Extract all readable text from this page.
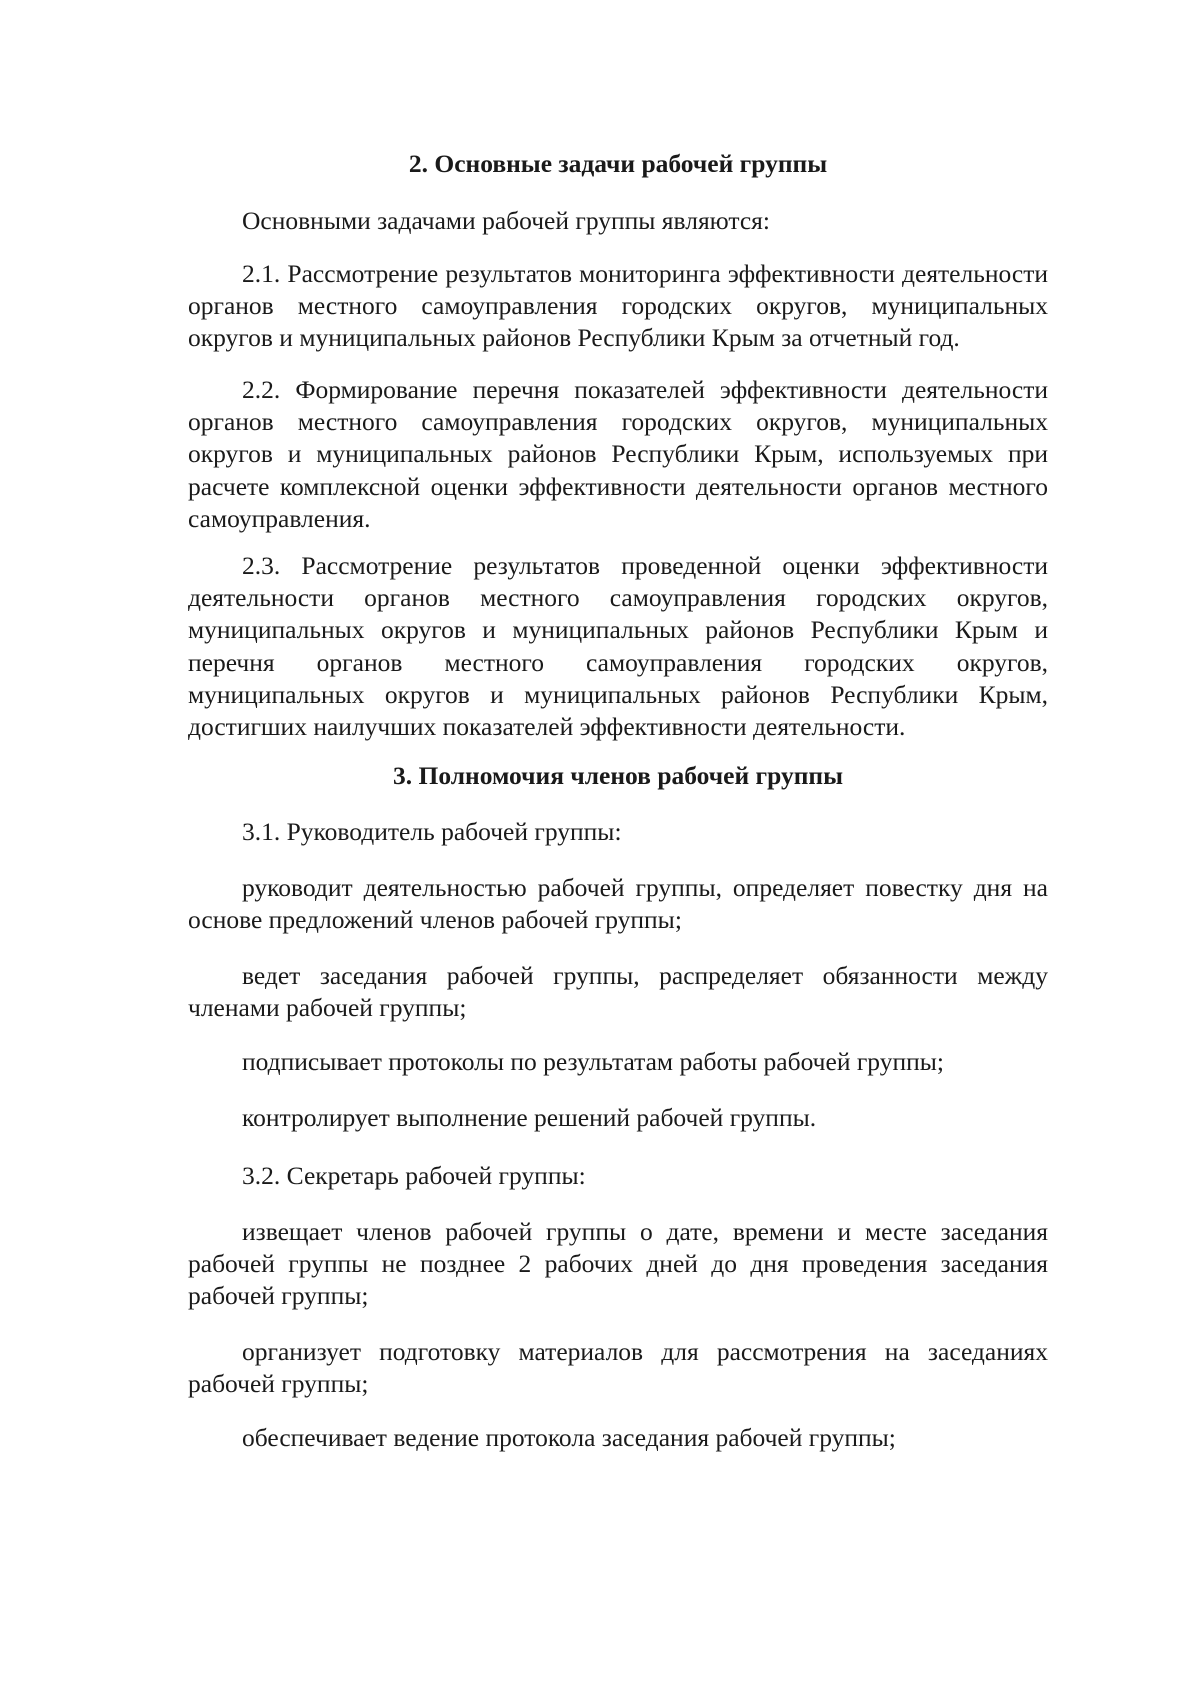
2. Основные задачи рабочей группы

Основными задачами рабочей группы являются:

2.1. Рассмотрение результатов мониторинга эффективности деятельности органов местного самоуправления городских округов, муниципальных округов и муниципальных районов Республики Крым за отчетный год.

2.2. Формирование перечня показателей эффективности деятельности органов местного самоуправления городских округов, муниципальных округов и муниципальных районов Республики Крым, используемых при расчете комплексной оценки эффективности деятельности органов местного самоуправления.

2.3. Рассмотрение результатов проведенной оценки эффективности деятельности органов местного самоуправления городских округов, муниципальных округов и муниципальных районов Республики Крым и перечня органов местного самоуправления городских округов, муниципальных округов и муниципальных районов Республики Крым, достигших наилучших показателей эффективности деятельности.

3. Полномочия членов рабочей группы

3.1. Руководитель рабочей группы:

руководит деятельностью рабочей группы, определяет повестку дня на основе предложений членов рабочей группы;

ведет заседания рабочей группы, распределяет обязанности между членами рабочей группы;

подписывает протоколы по результатам работы рабочей группы;

контролирует выполнение решений рабочей группы.

3.2. Секретарь рабочей группы:

извещает членов рабочей группы о дате, времени и месте заседания рабочей группы не позднее 2 рабочих дней до дня проведения заседания рабочей группы;

организует подготовку материалов для рассмотрения на заседаниях рабочей группы;

обеспечивает ведение протокола заседания рабочей группы;
